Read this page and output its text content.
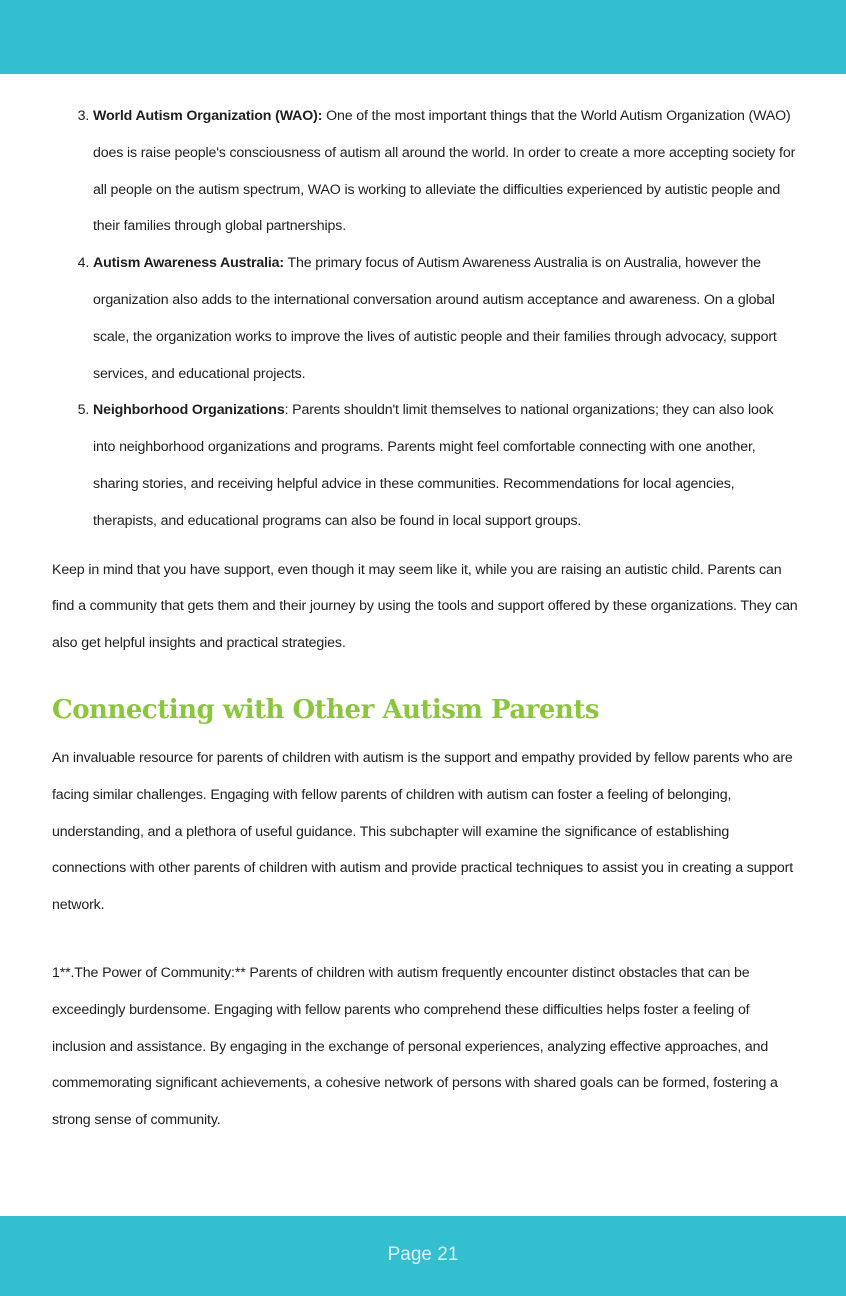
3. World Autism Organization (WAO): One of the most important things that the World Autism Organization (WAO) does is raise people's consciousness of autism all around the world. In order to create a more accepting society for all people on the autism spectrum, WAO is working to alleviate the difficulties experienced by autistic people and their families through global partnerships.
4. Autism Awareness Australia: The primary focus of Autism Awareness Australia is on Australia, however the organization also adds to the international conversation around autism acceptance and awareness. On a global scale, the organization works to improve the lives of autistic people and their families through advocacy, support services, and educational projects.
5. Neighborhood Organizations: Parents shouldn't limit themselves to national organizations; they can also look into neighborhood organizations and programs. Parents might feel comfortable connecting with one another, sharing stories, and receiving helpful advice in these communities. Recommendations for local agencies, therapists, and educational programs can also be found in local support groups.

Keep in mind that you have support, even though it may seem like it, while you are raising an autistic child. Parents can find a community that gets them and their journey by using the tools and support offered by these organizations. They can also get helpful insights and practical strategies.

Connecting with Other Autism Parents

An invaluable resource for parents of children with autism is the support and empathy provided by fellow parents who are facing similar challenges. Engaging with fellow parents of children with autism can foster a feeling of belonging, understanding, and a plethora of useful guidance. This subchapter will examine the significance of establishing connections with other parents of children with autism and provide practical techniques to assist you in creating a support network.

1**.The Power of Community:** Parents of children with autism frequently encounter distinct obstacles that can be exceedingly burdensome. Engaging with fellow parents who comprehend these difficulties helps foster a feeling of inclusion and assistance. By engaging in the exchange of personal experiences, analyzing effective approaches, and commemorating significant achievements, a cohesive network of persons with shared goals can be formed, fostering a strong sense of community.

Page 21
